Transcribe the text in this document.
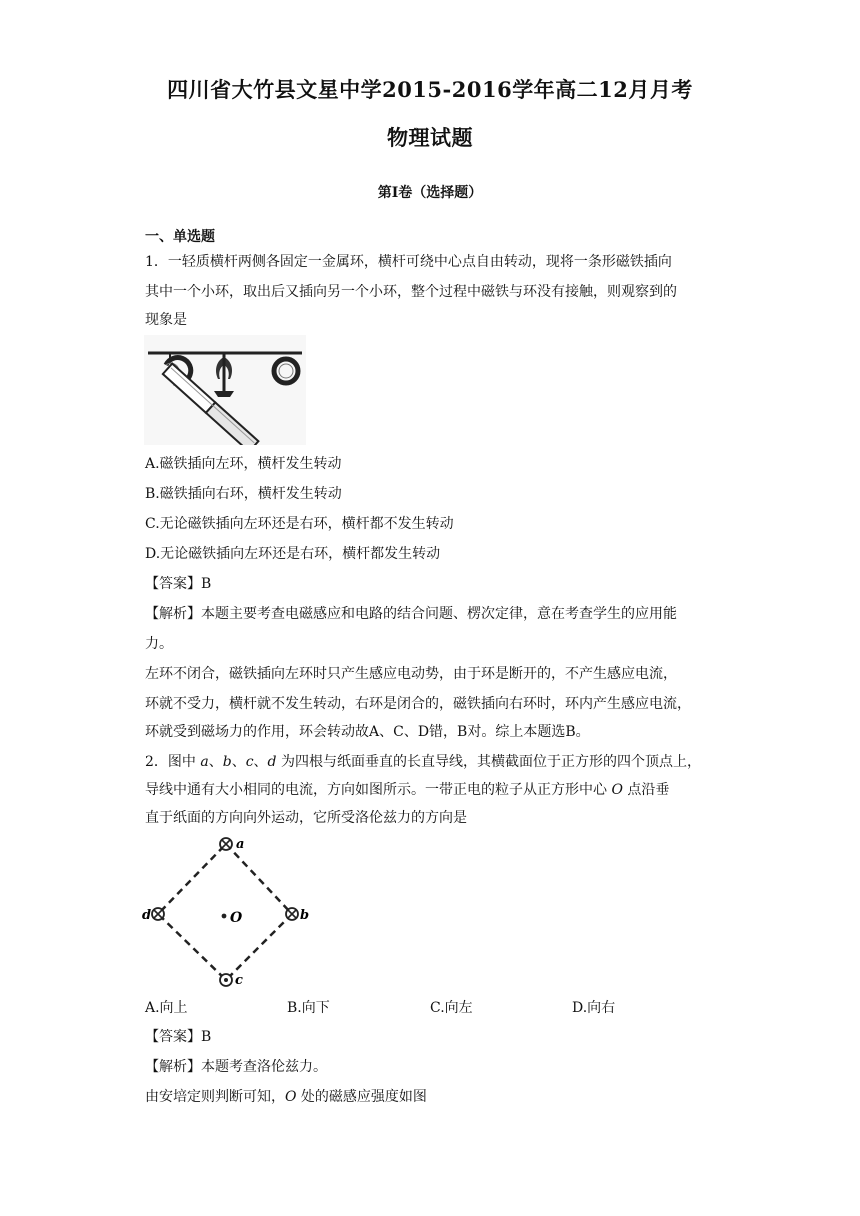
四川省大竹县文星中学2015-2016学年高二12月月考
物理试题
第I卷（选择题）
一、单选题
1．一轻质横杆两侧各固定一金属环，横杆可绕中心点自由转动，现将一条形磁铁插向
其中一个小环，取出后又插向另一个小环，整个过程中磁铁与环没有接触，则观察到的
现象是
A.磁铁插向左环，横杆发生转动
B.磁铁插向右环，横杆发生转动
C.无论磁铁插向左环还是右环，横杆都不发生转动
D.无论磁铁插向左环还是右环，横杆都发生转动
【答案】B
【解析】本题主要考查电磁感应和电路的结合问题、楞次定律，意在考查学生的应用能
力。
左环不闭合，磁铁插向左环时只产生感应电动势，由于环是断开的，不产生感应电流，
环就不受力，横杆就不发生转动，右环是闭合的，磁铁插向右环时，环内产生感应电流，
环就受到磁场力的作用，环会转动故A、C、D错，B对。综上本题选B。
2．图中 a、b、c、d 为四根与纸面垂直的长直导线，其横截面位于正方形的四个顶点上，
导线中通有大小相同的电流，方向如图所示。一带正电的粒子从正方形中心 O 点沿垂
直于纸面的方向向外运动，它所受洛伦兹力的方向是
O
a
b
c
d
A.向上	B.向下	C.向左	D.向右
【答案】B
【解析】本题考查洛伦兹力。
由安培定则判断可知，O 处的磁感应强度如图
